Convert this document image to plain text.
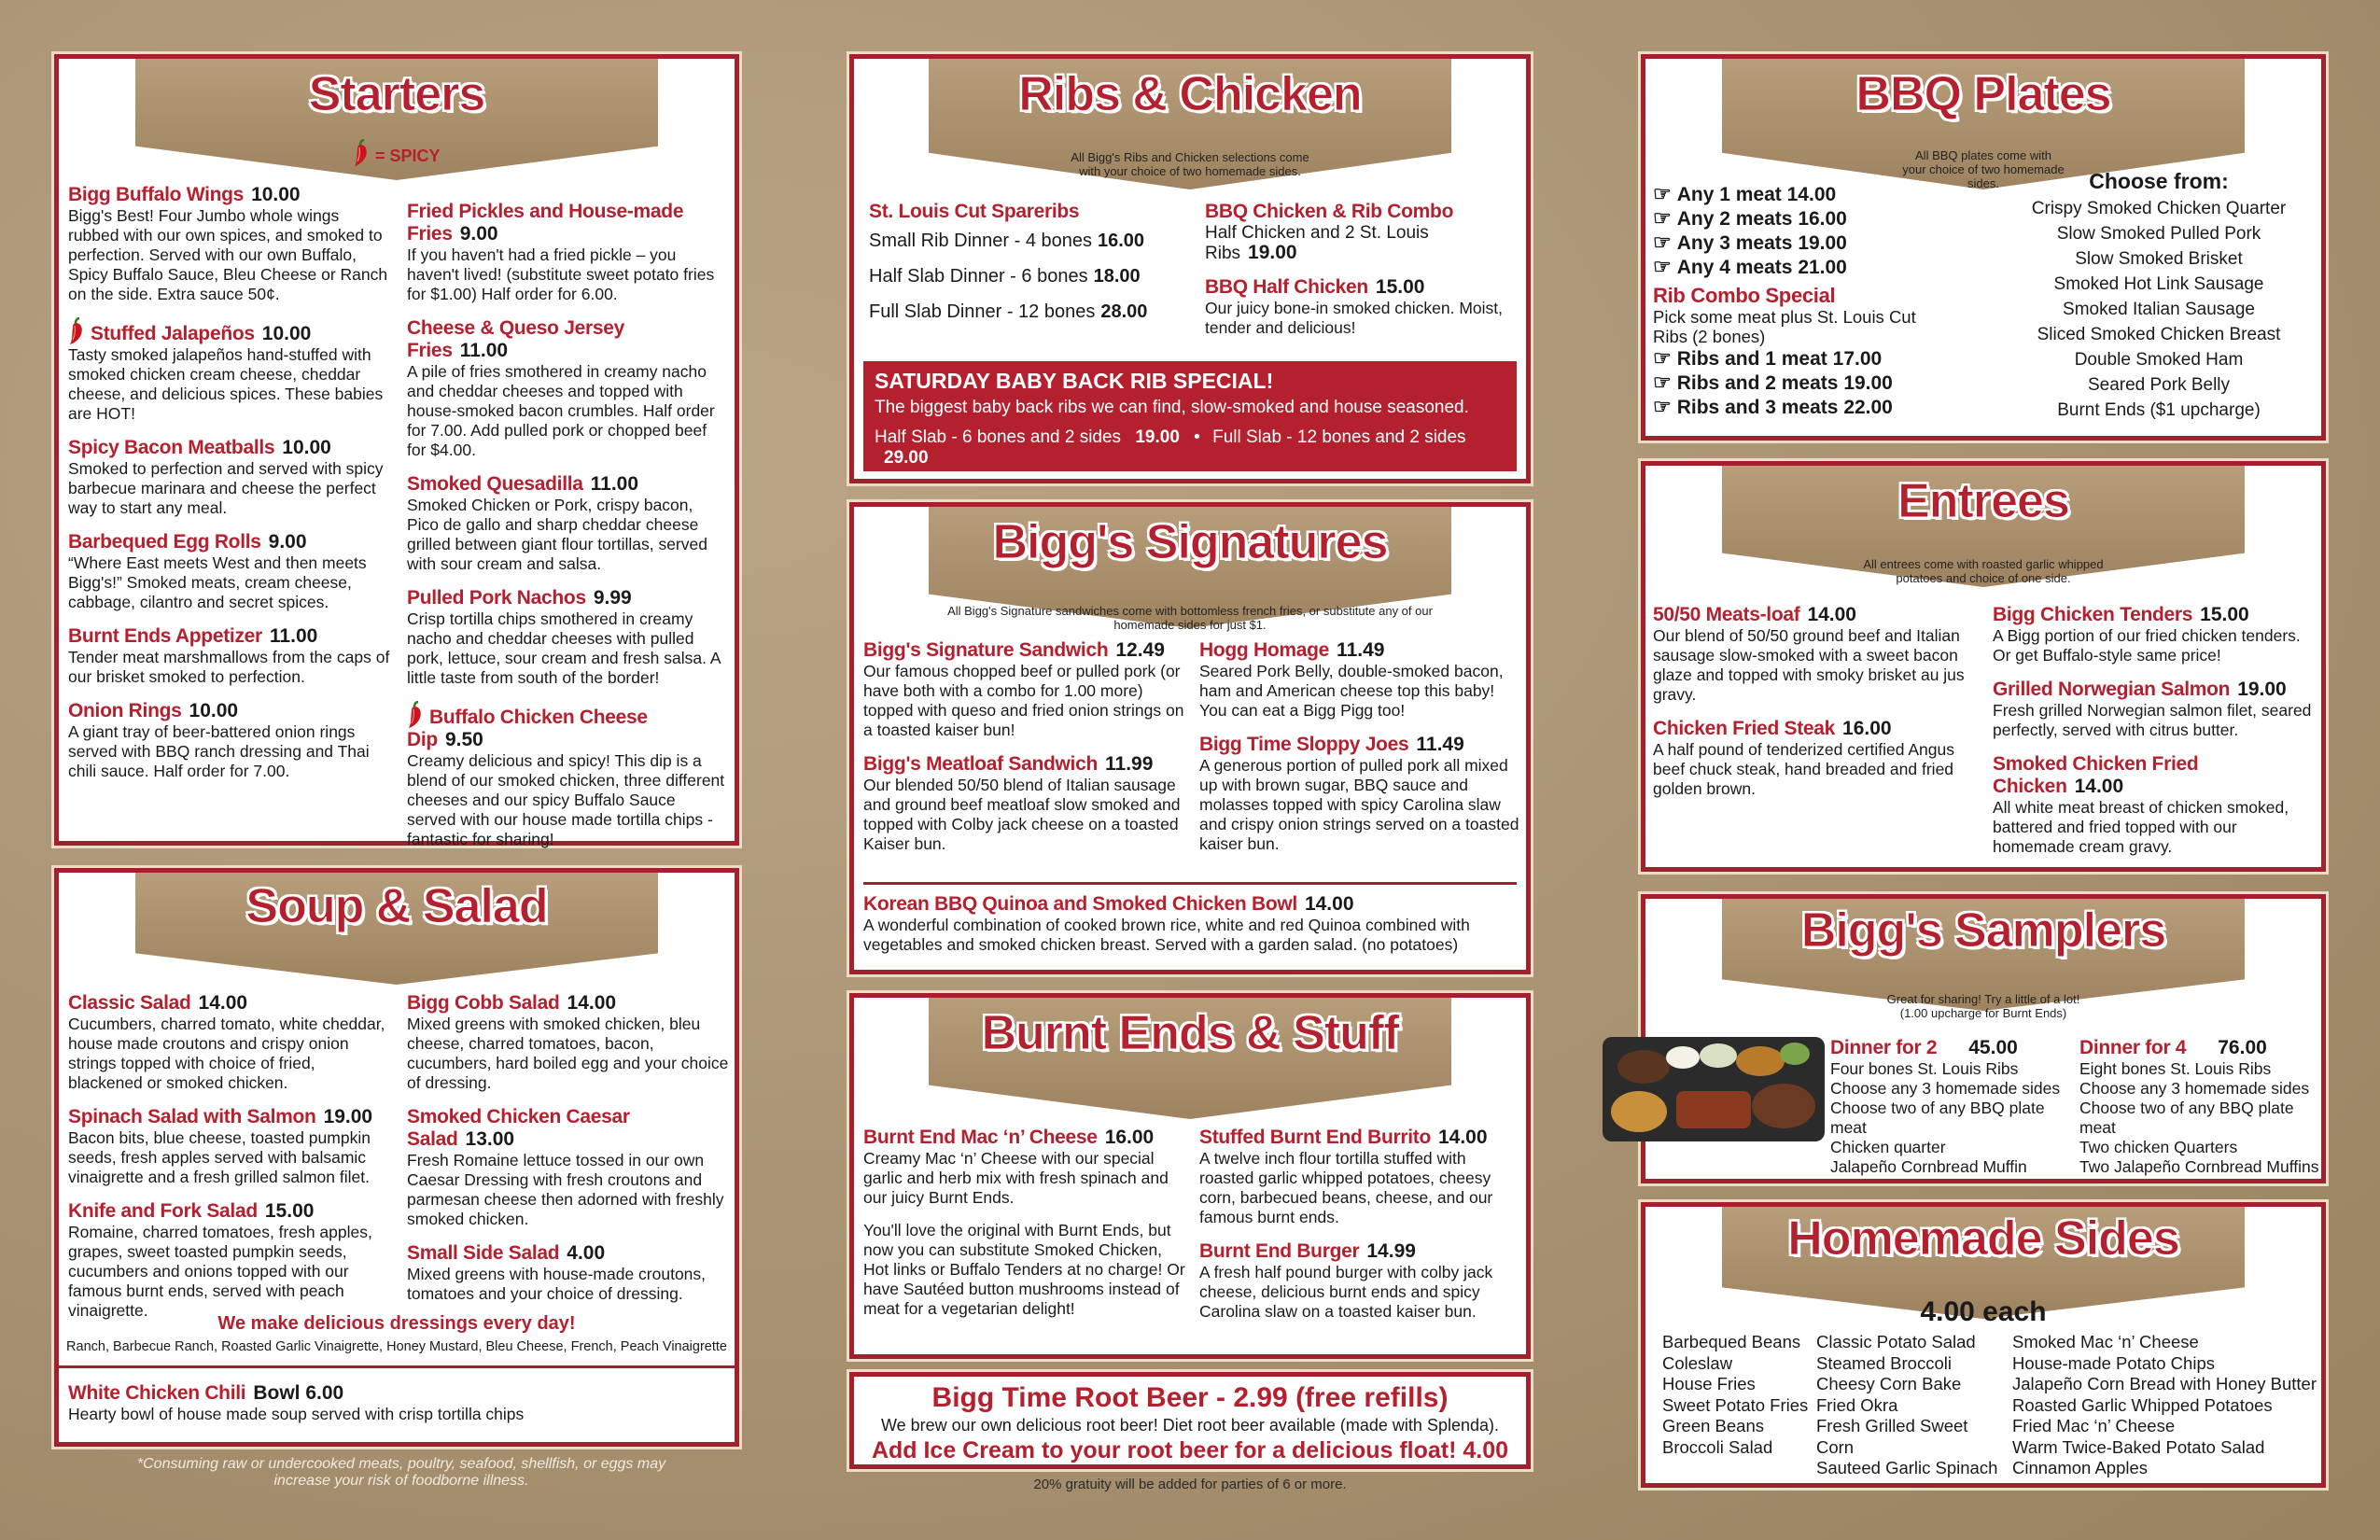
Starters
= SPICY
Bigg Buffalo Wings 10.00
Bigg's Best! Four Jumbo whole wings rubbed with our own spices, and smoked to perfection. Served with our own Buffalo, Spicy Buffalo Sauce, Bleu Cheese or Ranch on the side. Extra sauce 50¢.
Stuffed Jalapeños 10.00
Tasty smoked jalapeños hand-stuffed with smoked chicken cream cheese, cheddar cheese, and delicious spices. These babies are HOT!
Spicy Bacon Meatballs 10.00
Smoked to perfection and served with spicy barbecue marinara and cheese the perfect way to start any meal.
Barbequed Egg Rolls 9.00
“Where East meets West and then meets Bigg's!” Smoked meats, cream cheese, cabbage, cilantro and secret spices.
Burnt Ends Appetizer 11.00
Tender meat marshmallows from the caps of our brisket smoked to perfection.
Onion Rings 10.00
A giant tray of beer-battered onion rings served with BBQ ranch dressing and Thai chili sauce. Half order for 7.00.
Fried Pickles and House-made Fries 9.00
If you haven't had a fried pickle – you haven't lived! (substitute sweet potato fries for $1.00) Half order for 6.00.
Cheese & Queso Jersey Fries 11.00
A pile of fries smothered in creamy nacho and cheddar cheeses and topped with house-smoked bacon crumbles. Half order for 7.00. Add pulled pork or chopped beef for $4.00.
Smoked Quesadilla 11.00
Smoked Chicken or Pork, crispy bacon, Pico de gallo and sharp cheddar cheese grilled between giant flour tortillas, served with sour cream and salsa.
Pulled Pork Nachos 9.99
Crisp tortilla chips smothered in creamy nacho and cheddar cheeses with pulled pork, lettuce, sour cream and fresh salsa. A little taste from south of the border!
Buffalo Chicken Cheese Dip 9.50
Creamy delicious and spicy! This dip is a blend of our smoked chicken, three different cheeses and our spicy Buffalo Sauce served with our house made tortilla chips - fantastic for sharing!
Soup & Salad
Classic Salad 14.00
Cucumbers, charred tomato, white cheddar, house made croutons and crispy onion strings topped with choice of fried, blackened or smoked chicken.
Spinach Salad with Salmon 19.00
Bacon bits, blue cheese, toasted pumpkin seeds, fresh apples served with balsamic vinaigrette and a fresh grilled salmon filet.
Knife and Fork Salad 15.00
Romaine, charred tomatoes, fresh apples, grapes, sweet toasted pumpkin seeds, cucumbers and onions topped with our famous burnt ends, served with peach vinaigrette.
Bigg Cobb Salad 14.00
Mixed greens with smoked chicken, bleu cheese, charred tomatoes, bacon, cucumbers, hard boiled egg and your choice of dressing.
Smoked Chicken Caesar Salad 13.00
Fresh Romaine lettuce tossed in our own Caesar Dressing with fresh croutons and parmesan cheese then adorned with freshly smoked chicken.
Small Side Salad 4.00
Mixed greens with house-made croutons, tomatoes and your choice of dressing.
We make delicious dressings every day!
Ranch, Barbecue Ranch, Roasted Garlic Vinaigrette, Honey Mustard, Bleu Cheese, French, Peach Vinaigrette
White Chicken Chili Bowl 6.00
Hearty bowl of house made soup served with crisp tortilla chips
*Consuming raw or undercooked meats, poultry, seafood, shellfish, or eggs may increase your risk of foodborne illness.
Ribs & Chicken
All Bigg's Ribs and Chicken selections come with your choice of two homemade sides.
St. Louis Cut Spareribs
Small Rib Dinner - 4 bones 16.00
Half Slab Dinner - 6 bones 18.00
Full Slab Dinner - 12 bones 28.00
BBQ Chicken & Rib Combo
Half Chicken and 2 St. Louis Ribs 19.00
BBQ Half Chicken 15.00
Our juicy bone-in smoked chicken. Moist, tender and delicious!
SATURDAY BABY BACK RIB SPECIAL!
The biggest baby back ribs we can find, slow-smoked and house seasoned.
Half Slab - 6 bones and 2 sides 19.00 • Full Slab - 12 bones and 2 sides 29.00
Bigg's Signatures
All Bigg's Signature sandwiches come with bottomless french fries, or substitute any of our homemade sides for just $1.
Bigg's Signature Sandwich 12.49
Our famous chopped beef or pulled pork (or have both with a combo for 1.00 more) topped with queso and fried onion strings on a toasted kaiser bun!
Bigg's Meatloaf Sandwich 11.99
Our blended 50/50 blend of Italian sausage and ground beef meatloaf slow smoked and topped with Colby jack cheese on a toasted Kaiser bun.
Hogg Homage 11.49
Seared Pork Belly, double-smoked bacon, ham and American cheese top this baby! You can eat a Bigg Pigg too!
Bigg Time Sloppy Joes 11.49
A generous portion of pulled pork all mixed up with brown sugar, BBQ sauce and molasses topped with spicy Carolina slaw and crispy onion strings served on a toasted kaiser bun.
Korean BBQ Quinoa and Smoked Chicken Bowl 14.00
A wonderful combination of cooked brown rice, white and red Quinoa combined with vegetables and smoked chicken breast. Served with a garden salad. (no potatoes)
Burnt Ends & Stuff
Burnt End Mac ‘n’ Cheese 16.00
Creamy Mac ‘n’ Cheese with our special garlic and herb mix with fresh spinach and our juicy Burnt Ends.
You'll love the original with Burnt Ends, but now you can substitute Smoked Chicken, Hot links or Buffalo Tenders at no charge! Or have Sautéed button mushrooms instead of meat for a vegetarian delight!
Stuffed Burnt End Burrito 14.00
A twelve inch flour tortilla stuffed with roasted garlic whipped potatoes, cheesy corn, barbecued beans, cheese, and our famous burnt ends.
Burnt End Burger 14.99
A fresh half pound burger with colby jack cheese, delicious burnt ends and spicy Carolina slaw on a toasted kaiser bun.
Bigg Time Root Beer - 2.99 (free refills)
We brew our own delicious root beer! Diet root beer available (made with Splenda).
Add Ice Cream to your root beer for a delicious float! 4.00
20% gratuity will be added for parties of 6 or more.
BBQ Plates
All BBQ plates come with your choice of two homemade sides.
☞ Any 1 meat 14.00
☞ Any 2 meats 16.00
☞ Any 3 meats 19.00
☞ Any 4 meats 21.00
Rib Combo Special
Pick some meat plus St. Louis Cut Ribs (2 bones)
☞ Ribs and 1 meat 17.00
☞ Ribs and 2 meats 19.00
☞ Ribs and 3 meats 22.00
Choose from:
Crispy Smoked Chicken Quarter
Slow Smoked Pulled Pork
Slow Smoked Brisket
Smoked Hot Link Sausage
Smoked Italian Sausage
Sliced Smoked Chicken Breast
Double Smoked Ham
Seared Pork Belly
Burnt Ends ($1 upcharge)
Entrees
All entrees come with roasted garlic whipped potatoes and choice of one side.
50/50 Meats-loaf 14.00
Our blend of 50/50 ground beef and Italian sausage slow-smoked with a sweet bacon glaze and topped with smoky brisket au jus gravy.
Chicken Fried Steak 16.00
A half pound of tenderized certified Angus beef chuck steak, hand breaded and fried golden brown.
Bigg Chicken Tenders 15.00
A Bigg portion of our fried chicken tenders. Or get Buffalo-style same price!
Grilled Norwegian Salmon 19.00
Fresh grilled Norwegian salmon filet, seared perfectly, served with citrus butter.
Smoked Chicken Fried Chicken 14.00
All white meat breast of chicken smoked, battered and fried topped with our homemade cream gravy.
Bigg's Samplers
Great for sharing! Try a little of a lot! (1.00 upcharge for Burnt Ends)
Dinner for 2 45.00
Four bones St. Louis Ribs
Choose any 3 homemade sides
Choose two of any BBQ plate meat
Chicken quarter
Jalapeño Cornbread Muffin
Dinner for 4 76.00
Eight bones St. Louis Ribs
Choose any 3 homemade sides
Choose two of any BBQ plate meat
Two chicken Quarters
Two Jalapeño Cornbread Muffins
Homemade Sides
4.00 each
Barbequed Beans
Coleslaw
House Fries
Sweet Potato Fries
Green Beans
Broccoli Salad
Classic Potato Salad
Steamed Broccoli
Cheesy Corn Bake
Fried Okra
Fresh Grilled Sweet Corn
Sauteed Garlic Spinach
Smoked Mac ‘n’ Cheese
House-made Potato Chips
Jalapeño Corn Bread with Honey Butter
Roasted Garlic Whipped Potatoes
Fried Mac ‘n’ Cheese
Warm Twice-Baked Potato Salad
Cinnamon Apples
